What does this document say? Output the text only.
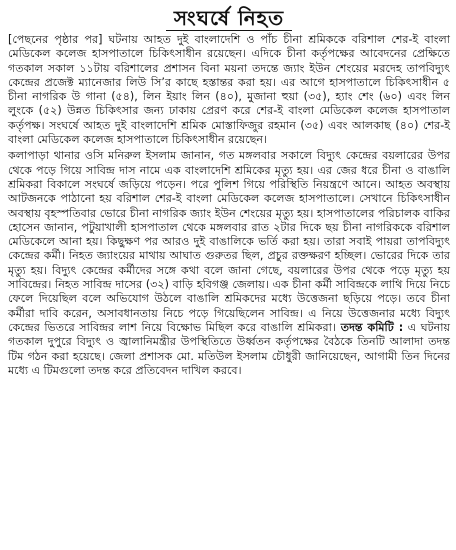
সংঘর্ষে নিহত

[পেছনের পৃষ্ঠার পর] ঘটনায় আহত দুই বাংলাদেশি ও পাঁচ চীনা শ্রমিককে বরিশাল শের-ই বাংলা মেডিকেল কলেজ হাসপাতালে চিকিৎসাধীন রয়েছেন। এদিকে চীনা কর্তৃপক্ষের আবেদনের প্রেক্ষিতে গতকাল সকাল ১১টায় বরিশালের প্রশাসন বিনা ময়না তদন্তে জ্যাং ইউন শেংয়ের মরদেহ তাপবিদ্যুৎ কেন্দ্রের প্রজেক্ট ম্যানেজার লিউ সি’র কাছে হস্তান্তর করা হয়। এর আগে হাসপাতালে চিকিৎসাধীন ৫ চীনা নাগরিক উ গানা (৫৪), লিন ইয়াং লিন (৪০), মুজানা হুয়া (৩৫), হ্যাং শেং (৬০) এবং লিন লুংকে (৫২) উন্নত চিকিৎসার জন্য ঢাকায় প্রেরণ করে শের-ই বাংলা মেডিকেল কলেজ হাসপাতাল কর্তৃপক্ষ। সংঘর্ষে আহত দুই বাংলাদেশি শ্রমিক মোস্তাফিজুর রহমান (৩৫) এবং আলকাছ (৪০) শের-ই বাংলা মেডিকেল কলেজ হাসপাতালে চিকিৎসাধীন রয়েছেন।

কলাপাড়া থানার ওসি মনিরুল ইসলাম জানান, গত মঙ্গলবার সকালে বিদ্যুৎ কেন্দ্রের বয়লারের উপর থেকে পড়ে গিয়ে সাবিন্দ্র দাস নামে এক বাংলাদেশি শ্রমিকের মৃত্যু হয়। এর জের ধরে চীনা ও বাঙালি শ্রমিকরা বিকালে সংঘর্ষে জড়িয়ে পড়েন। পরে পুলিশ গিয়ে পরিস্থিতি নিয়ন্ত্রণে আনে। আহত অবস্থায় আটজনকে পাঠানো হয় বরিশাল শের-ই বাংলা মেডিকেল কলেজ হাসপাতালে। সেখানে চিকিৎসাধীন অবস্থায় বৃহস্পতিবার ভোরে চীনা নাগরিক জ্যাং ইউন শেংয়ের মৃত্যু হয়। হাসপাতালের পরিচালক বাকির হোসেন জানান, পটুয়াখালী হাসপাতাল থেকে মঙ্গলবার রাত ২টার দিকে ছয় চীনা নাগরিককে বরিশাল মেডিকেলে আনা হয়। কিছুক্ষণ পর আরও দুই বাঙালিকে ভর্তি করা হয়। তারা সবাই পায়রা তাপবিদ্যুৎ কেন্দ্রের কর্মী। নিহত জ্যাংয়ের মাথায় আঘাত গুরুতর ছিল, প্রচুর রক্তক্ষরণ হচ্ছিল। ভোরের দিকে তার মৃত্যু হয়। বিদ্যুৎ কেন্দ্রের কর্মীদের সঙ্গে কথা বলে জানা গেছে, বয়লারের উপর থেকে পড়ে মৃত্যু হয় সাবিন্দ্রের। নিহত সাবিন্দ্র দাসের (৩২) বাড়ি হবিগঞ্জ জেলায়। এক চীনা কর্মী সাবিন্দ্রকে লাথি দিয়ে নিচে ফেলে দিয়েছিল বলে অভিযোগ উঠলে বাঙালি শ্রমিকদের মধ্যে উত্তেজনা ছড়িয়ে পড়ে। তবে চীনা কর্মীরা দাবি করেন, অসাবধানতায় নিচে পড়ে গিয়েছিলেন সাবিন্দ্র। এ নিয়ে উত্তেজনার মধ্যে বিদ্যুৎ কেন্দ্রের ভিতরে সাবিন্দ্রর লাশ নিয়ে বিক্ষোভ মিছিল করে বাঙালি শ্রমিকরা। তদন্ত কমিটি : এ ঘটনায় গতকাল দুপুরে বিদ্যুৎ ও জ্বালানিমন্ত্রীর উপস্থিতিতে উর্ধ্বতন কর্তৃপক্ষের বৈঠকে তিনটি আলাদা তদন্ত টিম গঠন করা হয়েছে। জেলা প্রশাসক মো. মতিউল ইসলাম চৌধুরী জানিয়েছেন, আগামী তিন দিনের মধ্যে এ টিমগুলো তদন্ত করে প্রতিবেদন দাখিল করবে।
